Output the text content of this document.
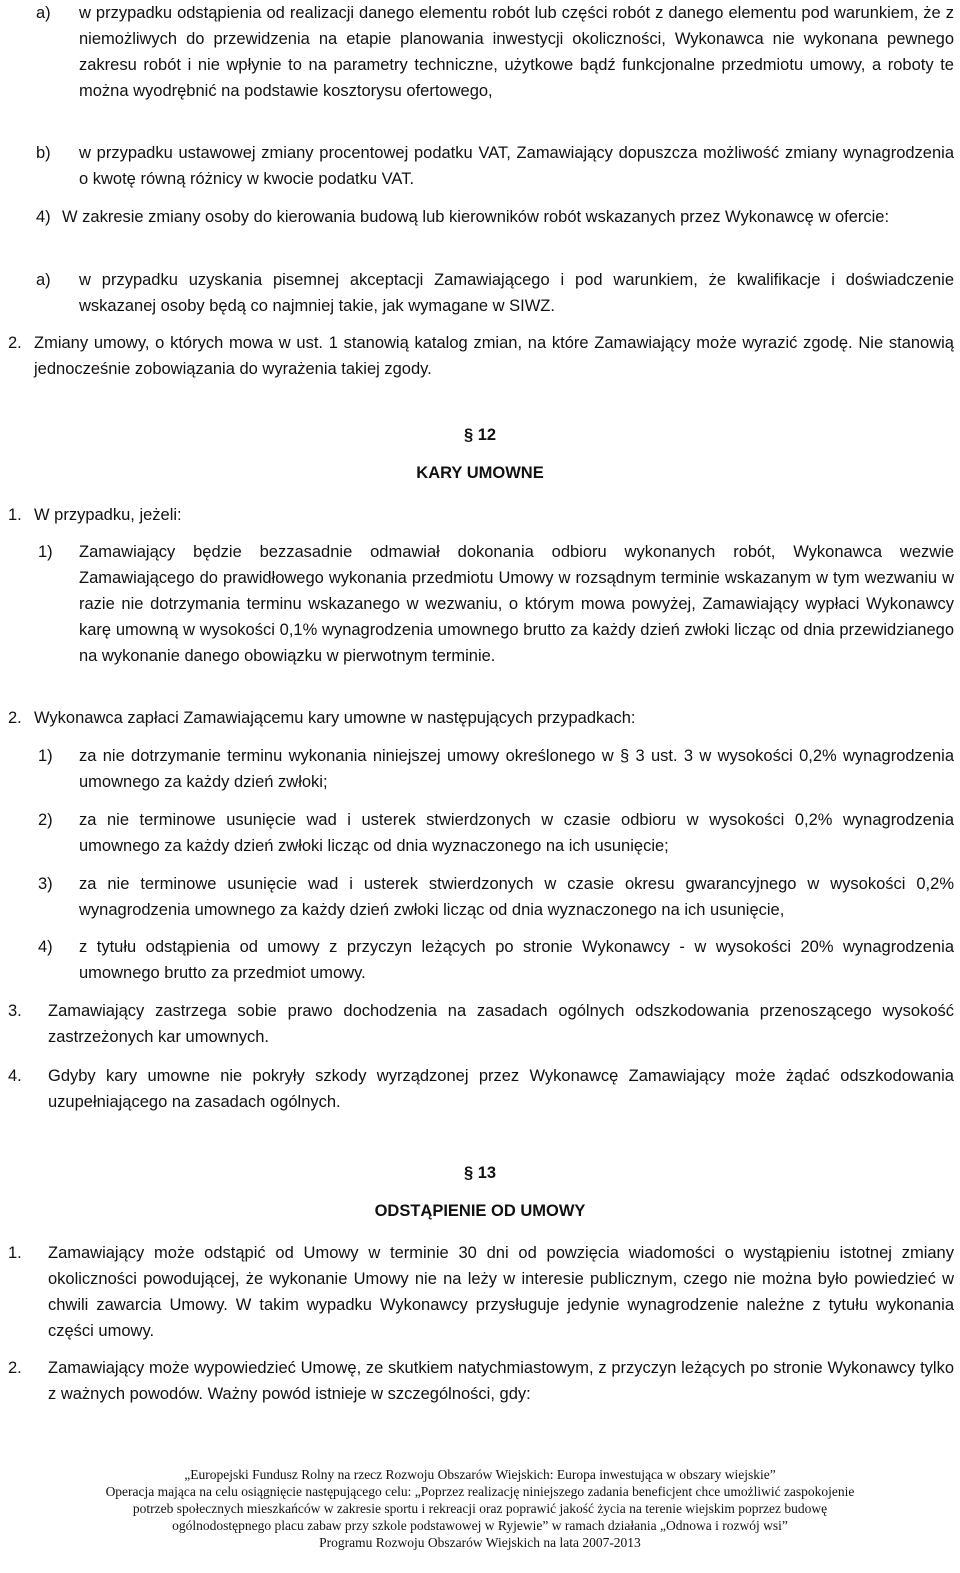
a) w przypadku odstąpienia od realizacji danego elementu robót lub części robót z danego elementu pod warunkiem, że z niemożliwych do przewidzenia na etapie planowania inwestycji okoliczności, Wykonawca nie wykonana pewnego zakresu robót i nie wpłynie to na parametry techniczne, użytkowe bądź funkcjonalne przedmiotu umowy, a roboty te można wyodrębnić na podstawie kosztorysu ofertowego,
b) w przypadku ustawowej zmiany procentowej podatku VAT, Zamawiający dopuszcza możliwość zmiany wynagrodzenia o kwotę równą różnicy w kwocie podatku VAT.
4) W zakresie zmiany osoby do kierowania budową lub kierowników robót wskazanych przez Wykonawcę w ofercie:
a) w przypadku uzyskania pisemnej akceptacji Zamawiającego i pod warunkiem, że kwalifikacje i doświadczenie wskazanej osoby będą co najmniej takie, jak wymagane w SIWZ.
2. Zmiany umowy, o których mowa w ust. 1 stanowią katalog zmian, na które Zamawiający może wyrazić zgodę. Nie stanowią jednocześnie zobowiązania do wyrażenia takiej zgody.
§ 12
KARY UMOWNE
1. W przypadku, jeżeli:
1) Zamawiający będzie bezzasadnie odmawiał dokonania odbioru wykonanych robót, Wykonawca wezwie Zamawiającego do prawidłowego wykonania przedmiotu Umowy w rozsądnym terminie wskazanym w tym wezwaniu w razie nie dotrzymania terminu wskazanego w wezwaniu, o którym mowa powyżej, Zamawiający wypłaci Wykonawcy karę umowną w wysokości 0,1% wynagrodzenia umownego brutto za każdy dzień zwłoki licząc od dnia przewidzianego na wykonanie danego obowiązku w pierwotnym terminie.
2. Wykonawca zapłaci Zamawiającemu kary umowne w następujących przypadkach:
1) za nie dotrzymanie terminu wykonania niniejszej umowy określonego w § 3 ust. 3 w wysokości 0,2% wynagrodzenia umownego za każdy dzień zwłoki;
2) za nie terminowe usunięcie wad i usterek stwierdzonych w czasie odbioru w wysokości 0,2% wynagrodzenia umownego za każdy dzień zwłoki licząc od dnia wyznaczonego na ich usunięcie;
3) za nie terminowe usunięcie wad i usterek stwierdzonych w czasie okresu gwarancyjnego w wysokości 0,2% wynagrodzenia umownego za każdy dzień zwłoki licząc od dnia wyznaczonego na ich usunięcie,
4) z tytułu odstąpienia od umowy z przyczyn leżących po stronie Wykonawcy - w wysokości 20% wynagrodzenia umownego brutto za przedmiot umowy.
3. Zamawiający zastrzega sobie prawo dochodzenia na zasadach ogólnych odszkodowania przenoszącego wysokość zastrzeżonych kar umownych.
4. Gdyby kary umowne nie pokryły szkody wyrządzonej przez Wykonawcę Zamawiający może żądać odszkodowania uzupełniającego na zasadach ogólnych.
§ 13
ODSTĄPIENIE OD UMOWY
1. Zamawiający może odstąpić od Umowy w terminie 30 dni od powzięcia wiadomości o wystąpieniu istotnej zmiany okoliczności powodującej, że wykonanie Umowy nie na leży w interesie publicznym, czego nie można było powiedzieć w chwili zawarcia Umowy. W takim wypadku Wykonawcy przysługuje jedynie wynagrodzenie należne z tytułu wykonania części umowy.
2. Zamawiający może wypowiedzieć Umowę, ze skutkiem natychmiastowym, z przyczyn leżących po stronie Wykonawcy tylko z ważnych powodów. Ważny powód istnieje w szczególności, gdy:
„Europejski Fundusz Rolny na rzecz Rozwoju Obszarów Wiejskich: Europa inwestująca w obszary wiejskie”
Operacja mająca na celu osiągnięcie następującego celu: „Poprzez realizację niniejszego zadania beneficjent chce umożliwić zaspokojenie
potrzeb społecznych mieszkańców w zakresie sportu i rekreacji oraz poprawić jakość życia na terenie wiejskim poprzez budowę
ogólnodostępnego placu zabaw przy szkole podstawowej w Ryjewie” w ramach działania „Odnowa i rozwój wsi”
Programu Rozwoju Obszarów Wiejskich na lata 2007-2013
